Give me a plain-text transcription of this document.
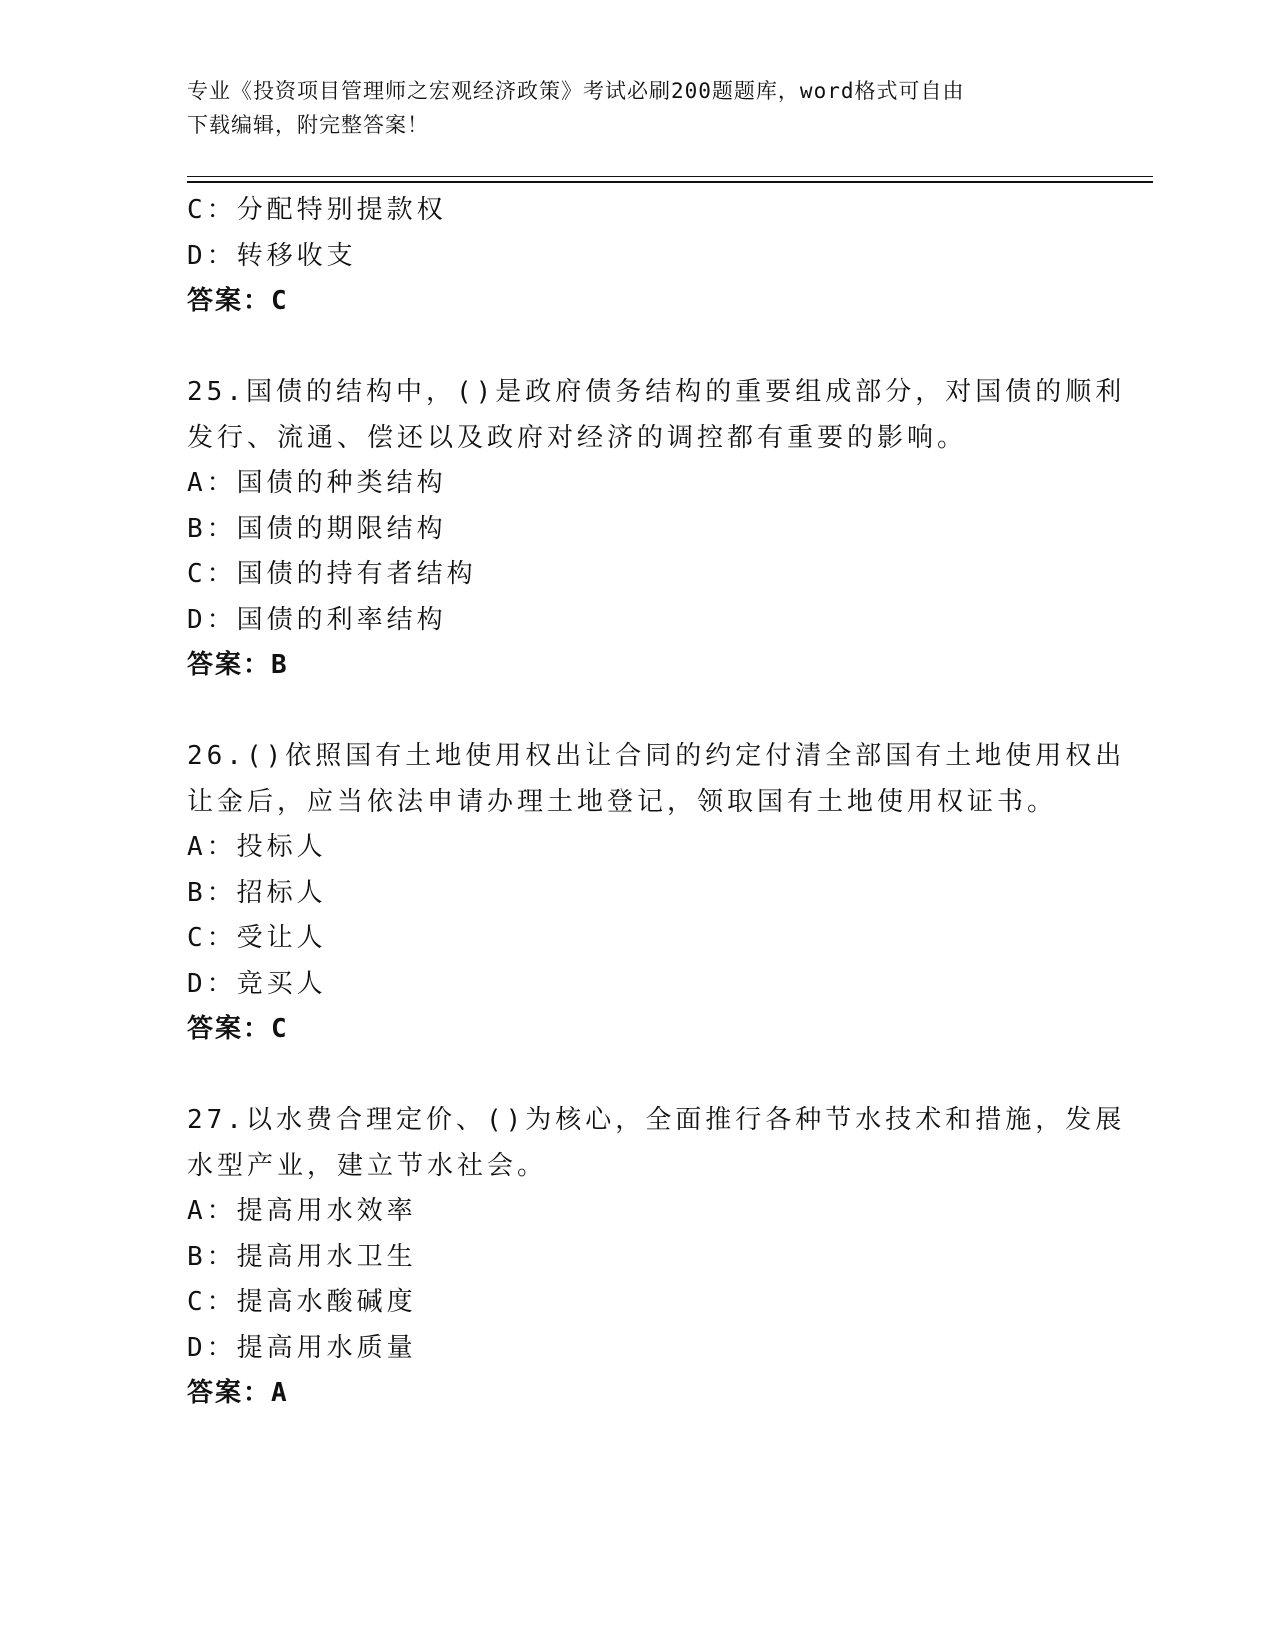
专业《投资项目管理师之宏观经济政策》考试必刷200题题库，word格式可自由
下载编辑，附完整答案！
C：分配特别提款权
D：转移收支
答案：C
25.国债的结构中，()是政府债务结构的重要组成部分，对国债的顺利
发行、流通、偿还以及政府对经济的调控都有重要的影响。
A：国债的种类结构
B：国债的期限结构
C：国债的持有者结构
D：国债的利率结构
答案：B
26.()依照国有土地使用权出让合同的约定付清全部国有土地使用权出
让金后，应当依法申请办理土地登记，领取国有土地使用权证书。
A：投标人
B：招标人
C：受让人
D：竞买人
答案：C
27.以水费合理定价、()为核心，全面推行各种节水技术和措施，发展
水型产业，建立节水社会。
A：提高用水效率
B：提高用水卫生
C：提高水酸碱度
D：提高用水质量
答案：A
